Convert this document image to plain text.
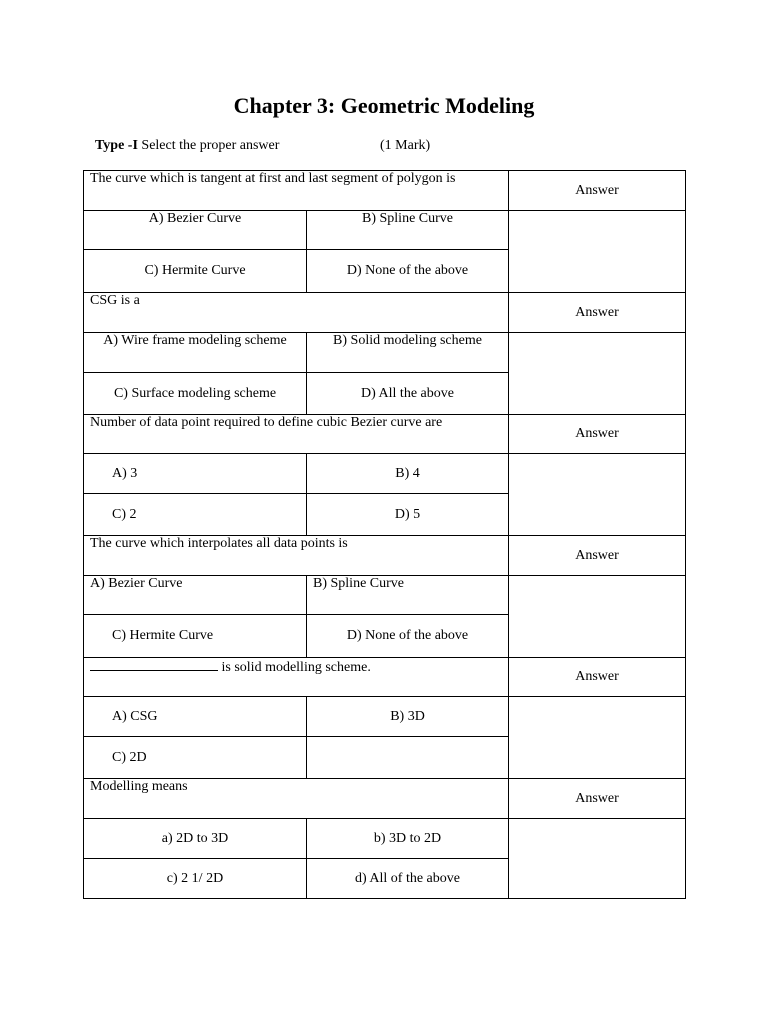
Chapter 3: Geometric Modeling
Type -I Select the proper answer	(1 Mark)
The curve which is tangent at first and last segment of polygon is		Answer
A) Bezier Curve	B) Spline Curve	
C) Hermite Curve	D) None of the above	
CSG is a		Answer
A) Wire frame modeling scheme	B) Solid modeling scheme	
C) Surface modeling scheme	D) All the above	
Number of data point required to define cubic Bezier curve are		Answer
A) 3	B) 4	
C) 2	D) 5	
The curve which interpolates all data points is		Answer
A) Bezier Curve	B) Spline Curve	
C) Hermite Curve	D) None of the above	
is solid modelling scheme.		Answer
A) CSG	B) 3D	
C) 2D		
Modelling means		Answer
a) 2D to 3D	b) 3D to 2D	
c) 2 1/ 2D	d) All of the above	
